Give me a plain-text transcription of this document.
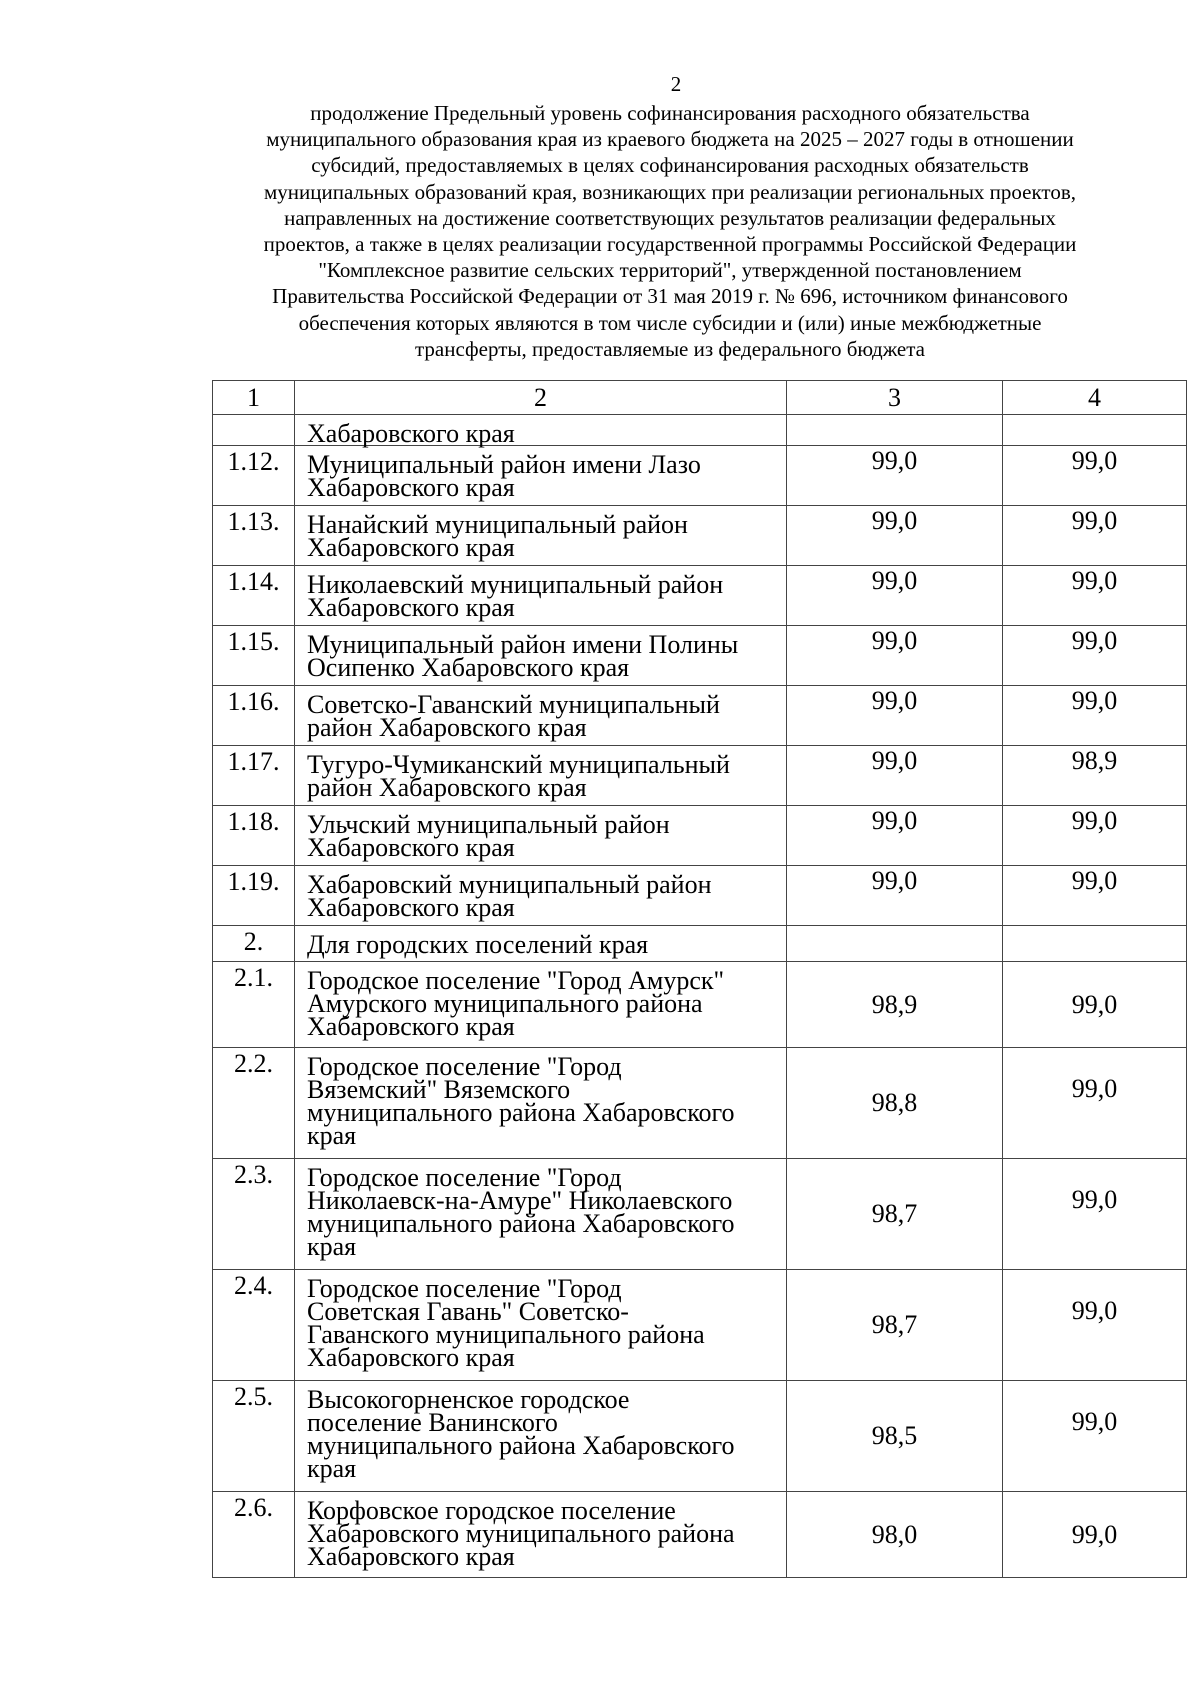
2
продолжение Предельный уровень софинансирования расходного обязательства
муниципального образования края из краевого бюджета на 2025 – 2027 годы в отношении
субсидий, предоставляемых в целях софинансирования расходных обязательств
муниципальных образований края, возникающих при реализации региональных проектов,
направленных на достижение соответствующих результатов реализации федеральных
проектов, а также в целях реализации государственной программы Российской Федерации
"Комплексное развитие сельских территорий", утвержденной постановлением
Правительства Российской Федерации от 31 мая 2019 г. № 696, источником финансового
обеспечения которых являются в том числе субсидии и (или) иные межбюджетные
трансферты, предоставляемые из федерального бюджета
1	2	3	4

	Хабаровского края		

1.12.	Муниципальный район имени Лазо
Хабаровского края	99,0	99,0
1.13.	Нанайский муниципальный район
Хабаровского края	99,0	99,0
1.14.	Николаевский муниципальный район
Хабаровского края	99,0	99,0
1.15.	Муниципальный район имени Полины
Осипенко Хабаровского края	99,0	99,0
1.16.	Советско-Гаванский муниципальный
район Хабаровского края	99,0	99,0
1.17.	Тугуро-Чумиканский муниципальный
район Хабаровского края	99,0	98,9
1.18.	Ульчский муниципальный район
Хабаровского края	99,0	99,0
1.19.	Хабаровский муниципальный район
Хабаровского края	99,0	99,0
2.	Для городских поселений края		

2.1.	Городское поселение "Город Амурск"
Амурского муниципального района
Хабаровского края	98,9	99,0
2.2.	Городское поселение "Город
Вяземский" Вяземского
муниципального района Хабаровского
края	98,8	99,0
2.3.	Городское поселение "Город
Николаевск-на-Амуре" Николаевского
муниципального района Хабаровского
края	98,7	99,0
2.4.	Городское поселение "Город
Советская Гавань" Советско-
Гаванского муниципального района
Хабаровского края	98,7	99,0
2.5.	Высокогорненское городское
поселение Ванинского
муниципального района Хабаровского
края	98,5	99,0
2.6.	Корфовское городское поселение
Хабаровского муниципального района
Хабаровского края	98,0	99,0
